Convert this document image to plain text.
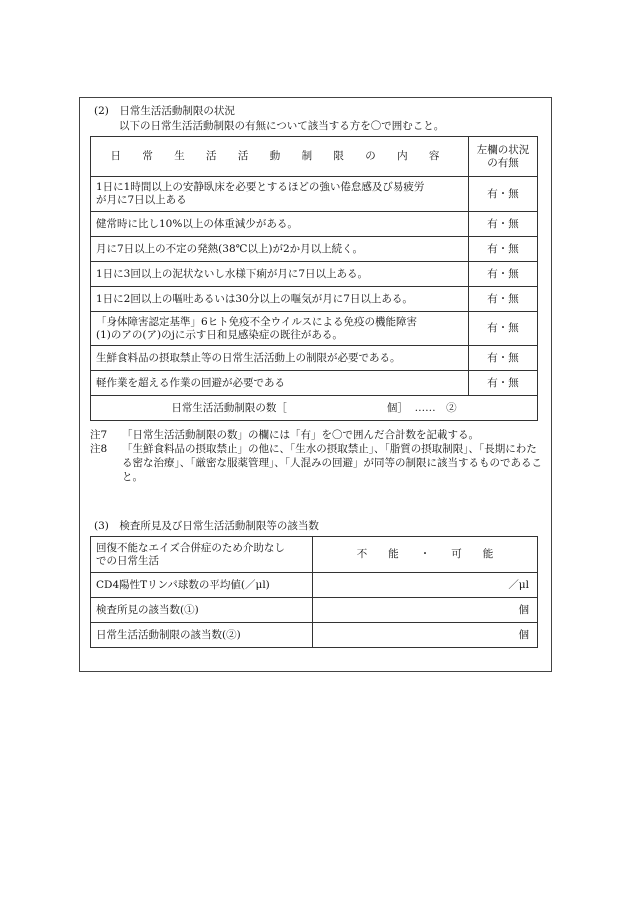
(2)　日常生活活動制限の状況
以下の日常生活活動制限の有無について該当する方を〇で囲むこと。
日 常 生 活 活 動 制 限 の 内 容	左欄の状況
の有無

1日に1時間以上の安静臥床を必要とするほどの強い倦怠感及び易疲労
が月に7日以上ある	有・無
健常時に比し10%以上の体重減少がある。	有・無
月に7日以上の不定の発熱(38℃以上)が2か月以上続く。	有・無
1日に3回以上の泥状ないし水様下痢が月に7日以上ある。	有・無
1日に2回以上の嘔吐あるいは30分以上の嘔気が月に7日以上ある。	有・無

「身体障害認定基準」6ヒト免疫不全ウイルスによる免疫の機能障害
(1)のアの(ア)のjに示す日和見感染症の既往がある。	有・無
生鮮食料品の摂取禁止等の日常生活活動上の制限が必要である。	有・無
軽作業を超える作業の回避が必要である	有・無
日常生活活動制限の数［ 個］ ……　②	
注7 「日常生活活動制限の数」の欄には「有」を〇で囲んだ合計数を記載する。
注8 「生鮮食料品の摂取禁止」の他に、「生水の摂取禁止」、「脂質の摂取制限」、「長期にわたる密な治療」、「厳密な服薬管理」、「人混みの回避」が同等の制限に該当するものであること。
(3)　検査所見及び日常生活活動制限等の該当数
回復不能なエイズ合併症のため介助なし
での日常生活	不　　能　　・　　可　　能
CD4陽性Tリンパ球数の平均値(／μl)	／μl
検査所見の該当数(①)	個
日常生活活動制限の該当数(②)	個
